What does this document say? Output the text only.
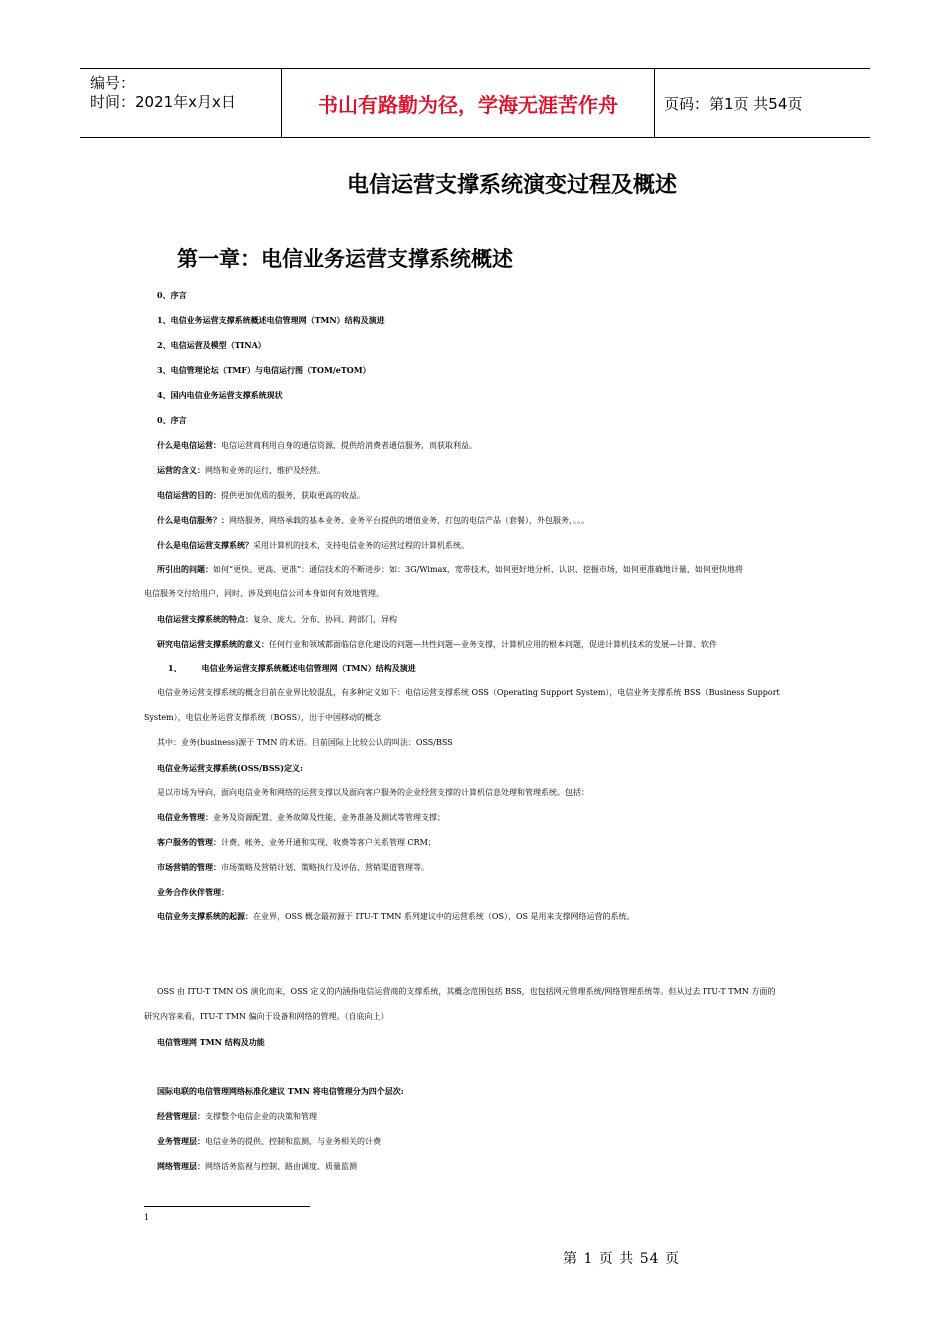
编号：
时间：2021年x月x日	书山有路勤为径，学海无涯苦作舟	页码：第1页 共54页
电信运营支撑系统演变过程及概述
第一章：电信业务运营支撑系统概述
0、序言
1、电信业务运营支撑系统概述电信管理网（TMN）结构及演进
2、电信运营及模型（TINA）
3、电信管理论坛（TMF）与电信运行图（TOM/eTOM）
4、国内电信业务运营支撑系统现状
0、序言
什么是电信运营：电信运营商利用自身的通信资源，提供给消费者通信服务，而获取利益。
运营的含义：网络和业务的运行、维护及经营。
电信运营的目的：提供更加优质的服务，获取更高的收益。
什么是电信服务？：网络服务，网络承载的基本业务、业务平台提供的增值业务，打包的电信产品（套餐），外包服务，。。。
什么是电信运营支撑系统？采用计算机的技术，支持电信业务的运营过程的计算机系统。
所引出的问题：如何“更快、更高、更准”：通信技术的不断进步：如：3G/Wimax、宽带技术，如何更好地分析、认识、挖掘市场，如何更准确地计量，如何更快地将
电信服务交付给用户，同时、涉及到电信公司本身如何有效地管理。
电信运营支撑系统的特点：复杂、庞大、分布、协同、跨部门，异构
研究电信运营支撑系统的意义：任何行业和领域都面临信息化建设的问题—共性问题—业务支撑，计算机应用的根本问题，促进计算机技术的发展—计算、软件
1、	电信业务运营支撑系统概述电信管理网（TMN）结构及演进
电信业务运营支撑系统的概念目前在业界比较混乱，有多种定义如下：电信运营支撑系统 OSS（Operating Support System），电信业务支撑系统 BSS（Business Support
System），电信业务运营支撑系统（BOSS），出于中国移动的概念
其中：业务(business)源于 TMN 的术语。目前国际上比较公认的叫法：OSS/BSS
电信业务运营支撑系统(OSS/BSS)定义:
是以市场为导向，面向电信业务和网络的运营支撑以及面向客户服务的企业经营支撑的计算机信息处理和管理系统。包括：
电信业务管理：业务及资源配置、业务故障及性能、业务准备及测试等管理支撑；
客户服务的管理：计费、帐务、业务开通和实现、收费等客户关系管理 CRM；
市场营销的管理：市场策略及营销计划、策略执行及评估、营销渠道管理等。
业务合作伙伴管理：
电信业务支撑系统的起源：在业界，OSS 概念最初源于 ITU-T TMN 系列建议中的运营系统（OS），OS 是用来支撑网络运营的系统。
OSS 由 ITU-T TMN OS 演化而来，OSS 定义的内涵指电信运营商的支撑系统，其概念范围包括 BSS，也包括网元管理系统/网络管理系统等。但从过去 ITU-T TMN 方面的
研究内容来看，ITU-T TMN 偏向于设备和网络的管理。（自底向上）
电信管理网 TMN 结构及功能
国际电联的电信管理网络标准化建议 TMN 将电信管理分为四个层次:
经营管理层：支撑整个电信企业的决策和管理
业务管理层：电信业务的提供、控制和监测，与业务相关的计费
网络管理层：网络话务监视与控制、路由调度、质量监测
1
第 1 页 共 54 页
